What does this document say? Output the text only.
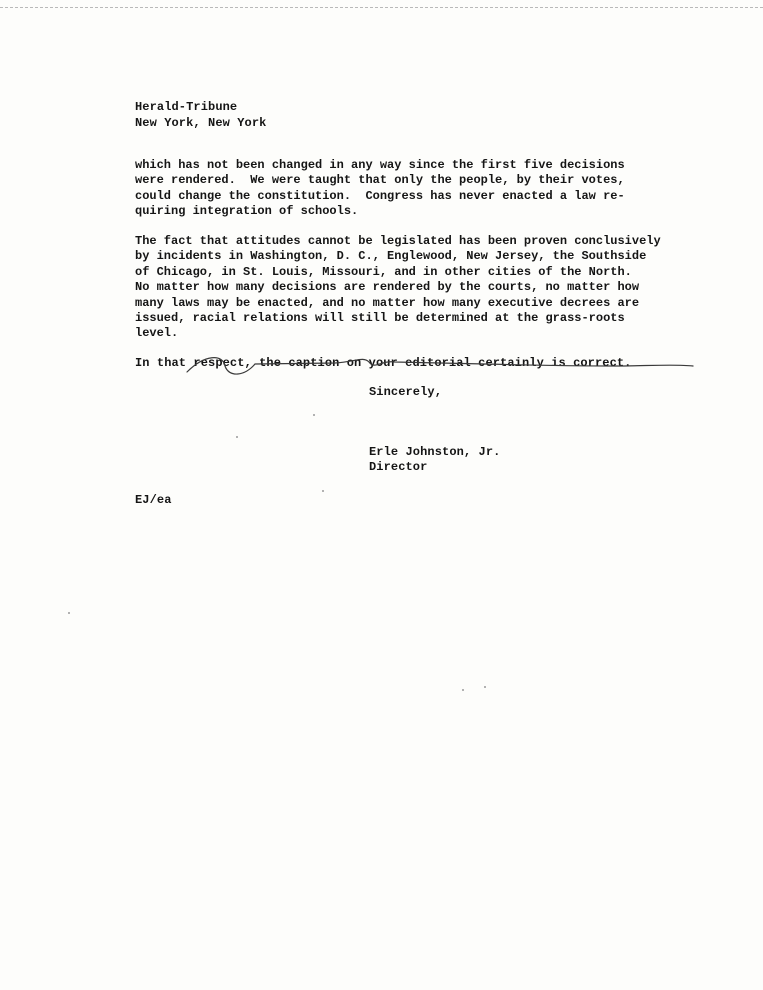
Herald-Tribune
New York, New York
which has not been changed in any way since the first five decisions
were rendered.  We were taught that only the people, by their votes,
could change the constitution.  Congress has never enacted a law re-
quiring integration of schools.
The fact that attitudes cannot be legislated has been proven conclusively
by incidents in Washington, D. C., Englewood, New Jersey, the Southside
of Chicago, in St. Louis, Missouri, and in other cities of the North.
No matter how many decisions are rendered by the courts, no matter how
many laws may be enacted, and no matter how many executive decrees are
issued, racial relations will still be determined at the grass-roots
level.
In that respect, the caption on your editorial certainly is correct.
Sincerely,
Erle Johnston, Jr.
Director
EJ/ea
